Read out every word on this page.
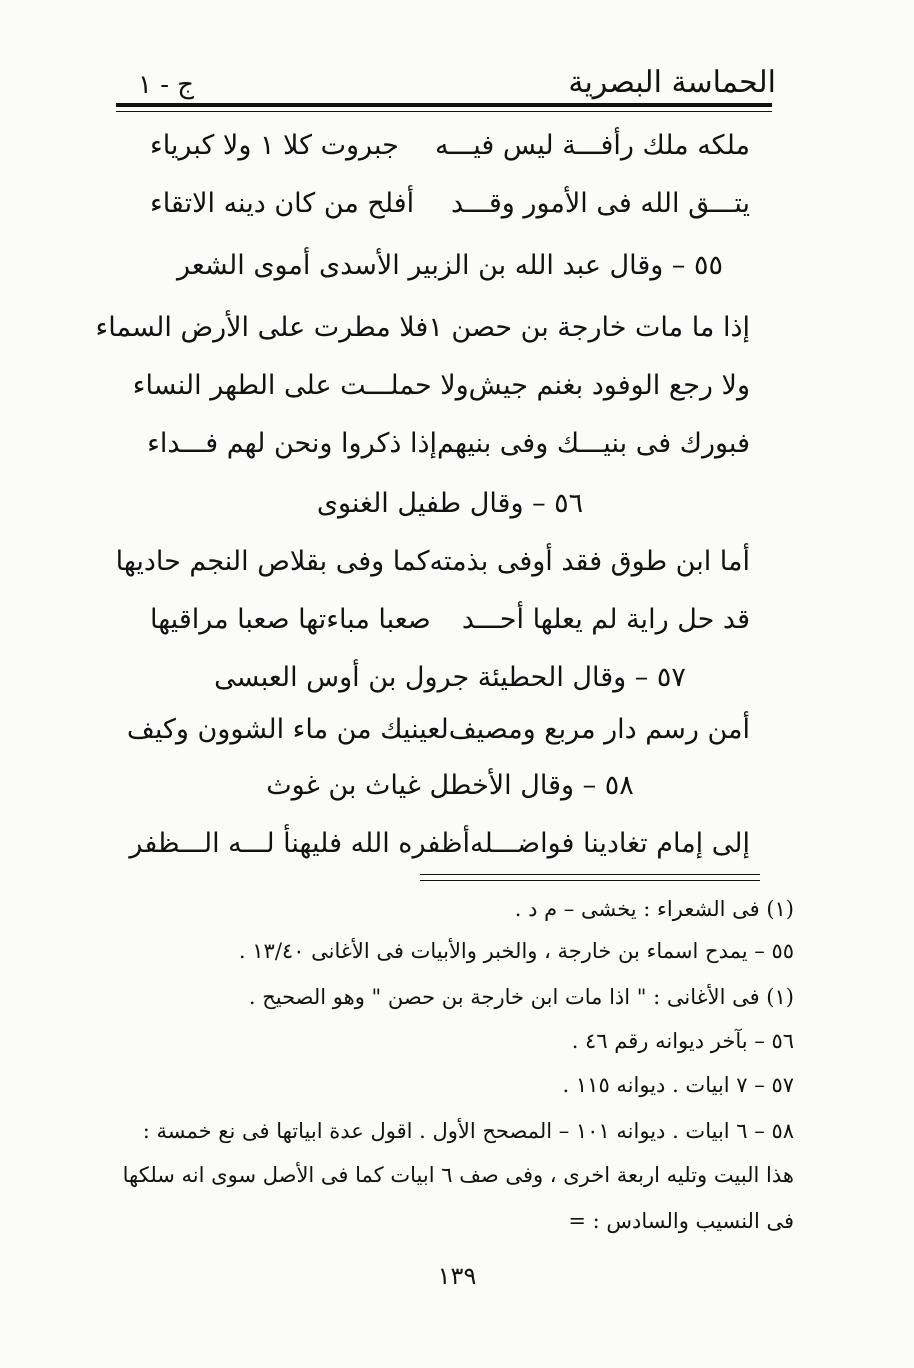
الحماسة البصرية
ج - ١
ملكه ملك رأفـــة ليس فيـــه
جبروت كلا ١ ولا كبرياء
يتـــق الله فى الأمور وقـــد
أفلح من كان دينه الاتقاء
٥٥ – وقال عبد الله بن الزبير الأسدى أموى الشعر
إذا ما مات خارجة بن حصن ١
فلا مطرت على الأرض السماء
ولا رجع الوفود بغنم جيش
ولا حملـــت على الطهر النساء
فبورك فى بنيـــك وفى بنيهم
إذا ذكروا ونحن لهم فـــداء
٥٦ – وقال طفيل الغنوى
أما ابن طوق فقد أوفى بذمته
كما وفى بقلاص النجم حاديها
قد حل راية لم يعلها أحـــد
صعبا مباءتها صعبا مراقيها
٥٧ – وقال الحطيئة جرول بن أوس العبسى
أمن رسم دار مربع ومصيف
لعينيك من ماء الشوون وكيف
٥٨ – وقال الأخطل غياث بن غوث
إلى إمام تغادينا فواضـــله
أظفره الله فليهنأ لـــه الـــظفر
(١) فى الشعراء : يخشى – م د .
٥٥ – يمدح اسماء بن خارجة ، والخبر والأبيات فى الأغانى ١٣/٤٠ .
(١) فى الأغانى : " اذا مات ابن خارجة بن حصن " وهو الصحيح .
٥٦ – بآخر ديوانه رقم ٤٦ .
٥٧ – ٧ ابيات . ديوانه ١١٥ .
٥٨ – ٦ ابيات . ديوانه ١٠١ – المصحح الأول . اقول عدة ابياتها فى نع خمسة :
هذا البيت وتليه اربعة اخرى ، وفى صف ٦ ابيات كما فى الأصل سوى انه سلكها
فى النسيب والسادس : =
١٣٩
